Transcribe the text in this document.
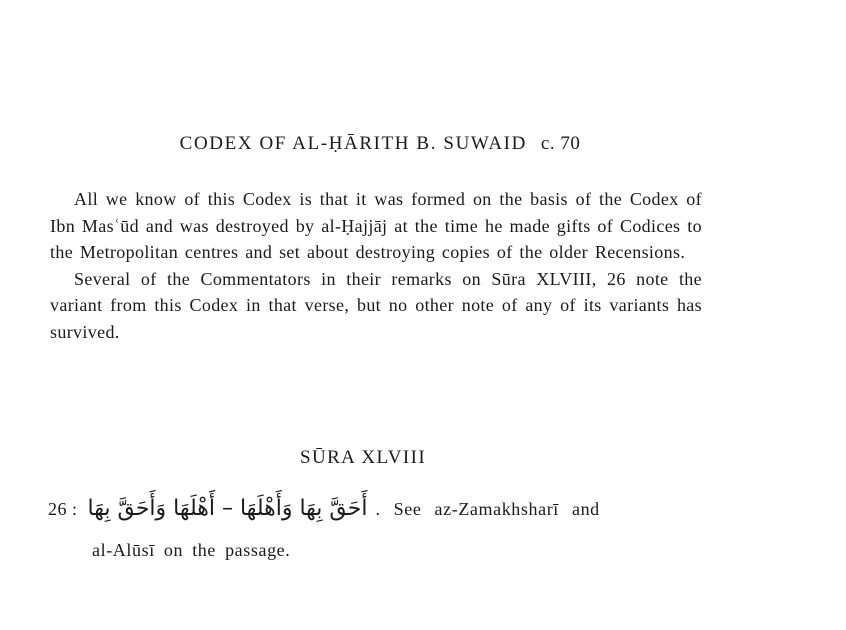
CODEX OF AL-ḤĀRITH B. SUWAID c. 70

All we know of this Codex is that it was formed on the basis of the Codex of Ibn Masʿūd and was destroyed by al-Ḥajjāj at the time he made gifts of Codices to the Metropolitan centres and set about destroying copies of the older Recensions.

Several of the Commentators in their remarks on Sūra XLVIII, 26 note the variant from this Codex in that verse, but no other note of any of its variants has survived.

SŪRA XLVIII
26 : أَحَقَّ بِهَا وَأَهْلَهَا – أَهْلَهَا وَأَحَقَّ بِهَا . See az-Zamakhsharī and
al-Alūsī on the passage.
